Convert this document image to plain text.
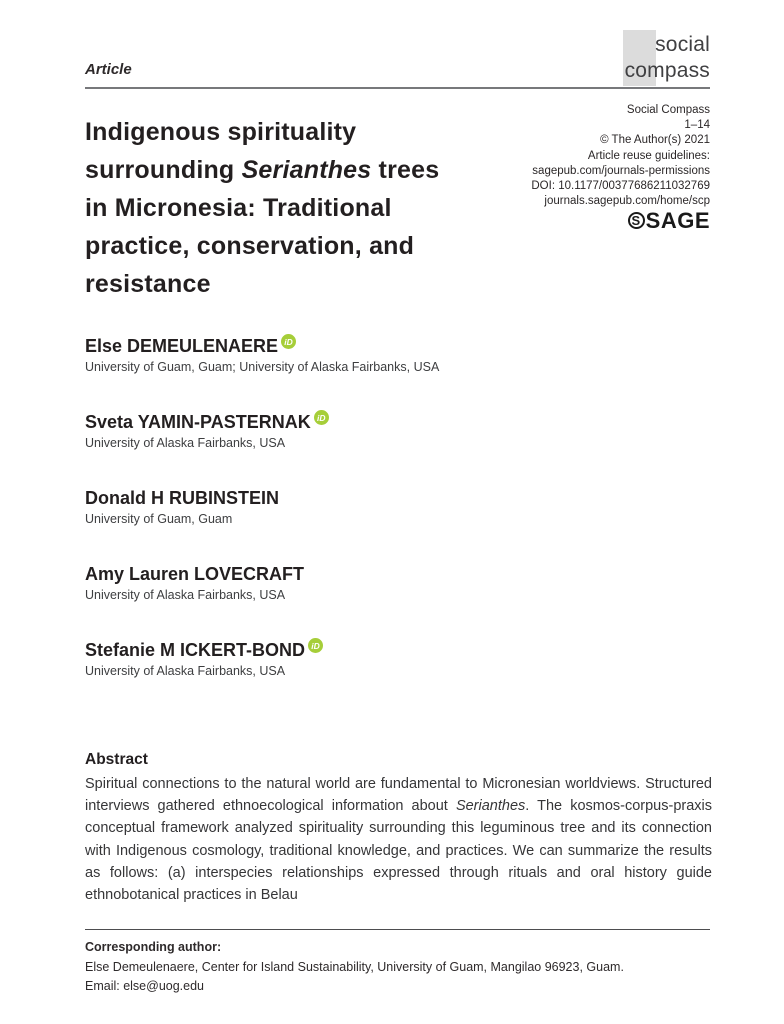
social
compass
Article
Indigenous spirituality
surrounding Serianthes trees
in Micronesia: Traditional
practice, conservation, and
resistance
Social Compass
1–14
© The Author(s) 2021
Article reuse guidelines:
sagepub.com/journals-permissions
DOI: 10.1177/00377686211032769
journals.sagepub.com/home/scp
S SAGE
Else DEMEULENAERE iD
University of Guam, Guam; University of Alaska Fairbanks, USA
Sveta YAMIN-PASTERNAK iD
University of Alaska Fairbanks, USA
Donald H RUBINSTEIN
University of Guam, Guam
Amy Lauren LOVECRAFT
University of Alaska Fairbanks, USA
Stefanie M ICKERT-BOND iD
University of Alaska Fairbanks, USA
Abstract

Spiritual connections to the natural world are fundamental to Micronesian worldviews. Structured interviews gathered ethnoecological information about Serianthes. The kosmos-corpus-praxis conceptual framework analyzed spirituality surrounding this leguminous tree and its connection with Indigenous cosmology, traditional knowledge, and practices. We can summarize the results as follows: (a) interspecies relationships expressed through rituals and oral history guide ethnobotanical practices in Belau

Corresponding author:
Else Demeulenaere, Center for Island Sustainability, University of Guam, Mangilao 96923, Guam.
Email: else@uog.edu
